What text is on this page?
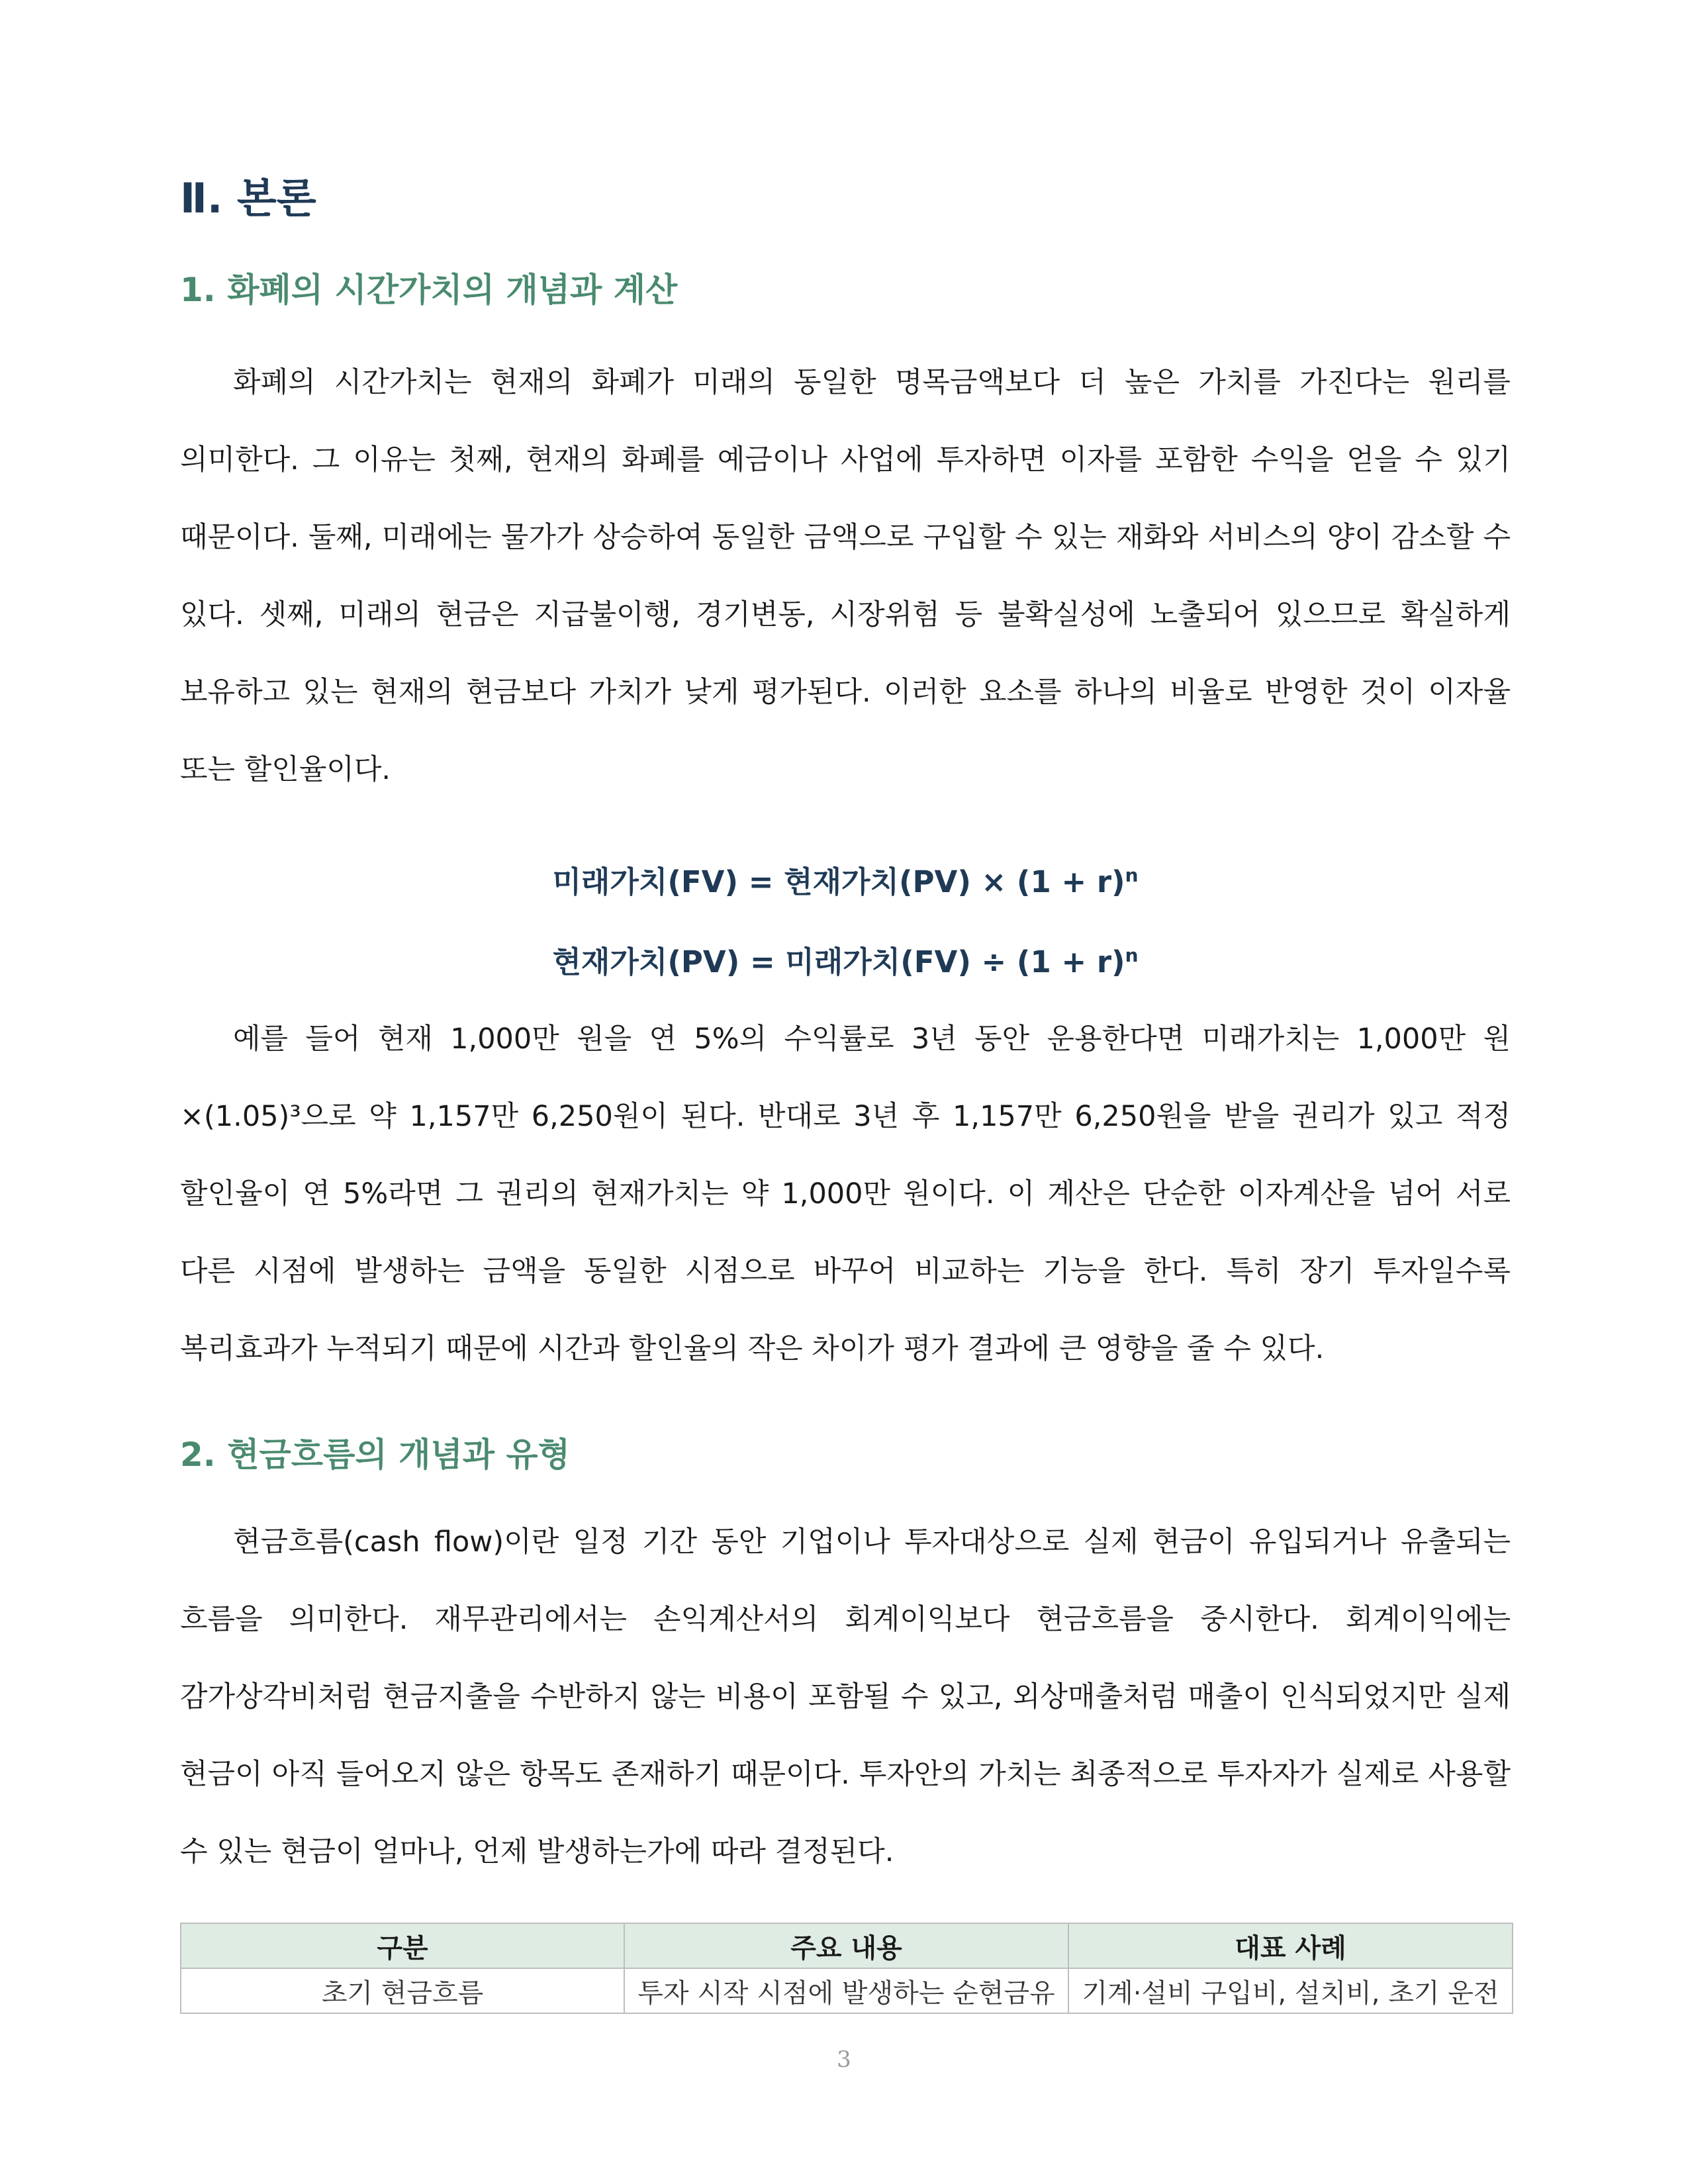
Ⅱ. 본론
1. 화폐의 시간가치의 개념과 계산

화폐의 시간가치는 현재의 화폐가 미래의 동일한 명목금액보다 더 높은 가치를 가진다는 원리를 의미한다. 그 이유는 첫째, 현재의 화폐를 예금이나 사업에 투자하면 이자를 포함한 수익을 얻을 수 있기 때문이다. 둘째, 미래에는 물가가 상승하여 동일한 금액으로 구입할 수 있는 재화와 서비스의 양이 감소할 수 있다. 셋째, 미래의 현금은 지급불이행, 경기변동, 시장위험 등 불확실성에 노출되어 있으므로 확실하게 보유하고 있는 현재의 현금보다 가치가 낮게 평가된다. 이러한 요소를 하나의 비율로 반영한 것이 이자율 또는 할인율이다.

미래가치(FV) = 현재가치$(PV) \times (1 + r)^n$

현재가치(PV) = 미래가치$(FV) \div (1 + r)^n$

예를 들어 현재 1,000만 원을 연 5%의 수익률로 3년 동안 운용한다면 미래가치는 1,000만 원×(1.05)³으로 약 1,157만 6,250원이 된다. 반대로 3년 후 1,157만 6,250원을 받을 권리가 있고 적정 할인율이 연 5%라면 그 권리의 현재가치는 약 1,000만 원이다. 이 계산은 단순한 이자계산을 넘어 서로 다른 시점에 발생하는 금액을 동일한 시점으로 바꾸어 비교하는 기능을 한다. 특히 장기 투자일수록 복리효과가 누적되기 때문에 시간과 할인율의 작은 차이가 평가 결과에 큰 영향을 줄 수 있다.

2. 현금흐름의 개념과 유형

현금흐름(cash flow)이란 일정 기간 동안 기업이나 투자대상으로 실제 현금이 유입되거나 유출되는 흐름을 의미한다. 재무관리에서는 손익계산서의 회계이익보다 현금흐름을 중시한다. 회계이익에는 감가상각비처럼 현금지출을 수반하지 않는 비용이 포함될 수 있고, 외상매출처럼 매출이 인식되었지만 실제 현금이 아직 들어오지 않은 항목도 존재하기 때문이다. 투자안의 가치는 최종적으로 투자자가 실제로 사용할 수 있는 현금이 얼마나, 언제 발생하는가에 따라 결정된다.

구분	주요 내용	대표 사례
초기 현금흐름	투자 시작 시점에 발생하는 순현금유	기계·설비 구입비, 설치비, 초기 운전
3
